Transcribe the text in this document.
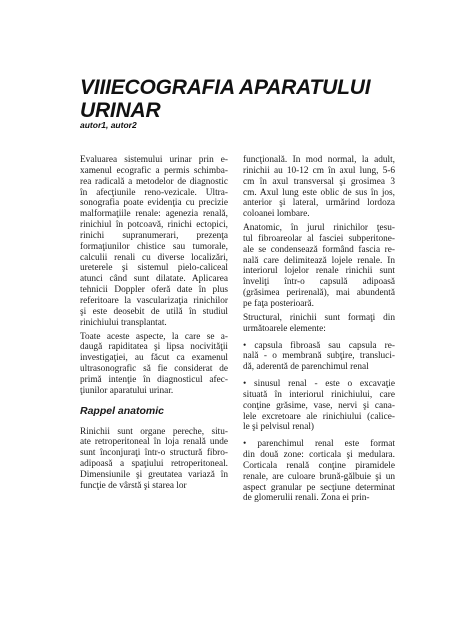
VIIIECOGRAFIA APARATULUI
URINAR
autor1, autor2
Evaluarea sistemului urinar prin e-
xamenul ecografic a permis schimba-
rea radicală a metodelor de diagnostic
în afecţiunile reno-vezicale. Ultra-
sonografia poate evidenţia cu precizie
malformaţiile renale: agenezia renală,
rinichiul în potcoavă, rinichi ectopici,
rinichi supranumerari, prezenţa
formaţiunilor chistice sau tumorale,
calculii renali cu diverse localizări,
ureterele şi sistemul pielo-caliceal
atunci când sunt dilatate. Aplicarea
tehnicii Doppler oferă date în plus
referitoare la vascularizaţia rinichilor
şi este deosebit de utilă în studiul
rinichiului transplantat.
Toate aceste aspecte, la care se a-
daugă rapiditatea şi lipsa nocivităţii
investigaţiei, au făcut ca examenul
ultrasonografic să fie considerat de
primă intenţie în diagnosticul afec-
ţiunilor aparatului urinar.
Rappel anatomic
Rinichii sunt organe pereche, situ-
ate retroperitoneal în loja renală unde
sunt înconjuraţi într-o structură fibro-
adipoasă a spaţiului retroperitoneal.
Dimensiunile şi greutatea variază în
funcţie de vârstă şi starea lor
funcţională. În mod normal, la adult,
rinichii au 10-12 cm în axul lung, 5-6
cm în axul transversal şi grosimea 3
cm. Axul lung este oblic de sus în jos,
anterior şi lateral, urmărind lordoza
coloanei lombare.
Anatomic, în jurul rinichilor ţesu-
tul fibroareolar al fasciei subperitone-
ale se condensează formând fascia re-
nală care delimitează lojele renale. În
interiorul lojelor renale rinichii sunt
înveliţi într-o capsulă adipoasă
(grăsimea perirenală), mai abundentă
pe faţa posterioară.
Structural, rinichii sunt formaţi din
următoarele elemente:
• capsula fibroasă sau capsula re-
nală - o membrană subţire, transluci-
dă, aderentă de parenchimul renal
• sinusul renal - este o excavaţie
situată în interiorul rinichiului, care
conţine grăsime, vase, nervi şi cana-
lele excretoare ale rinichiului (calice-
le şi pelvisul renal)
• parenchimul renal este format
din două zone: corticala şi medulara.
Corticala renală conţine piramidele
renale, are culoare brună-gălbuie şi un
aspect granular pe secţiune determinat
de glomerulii renali. Zona ei prin-
